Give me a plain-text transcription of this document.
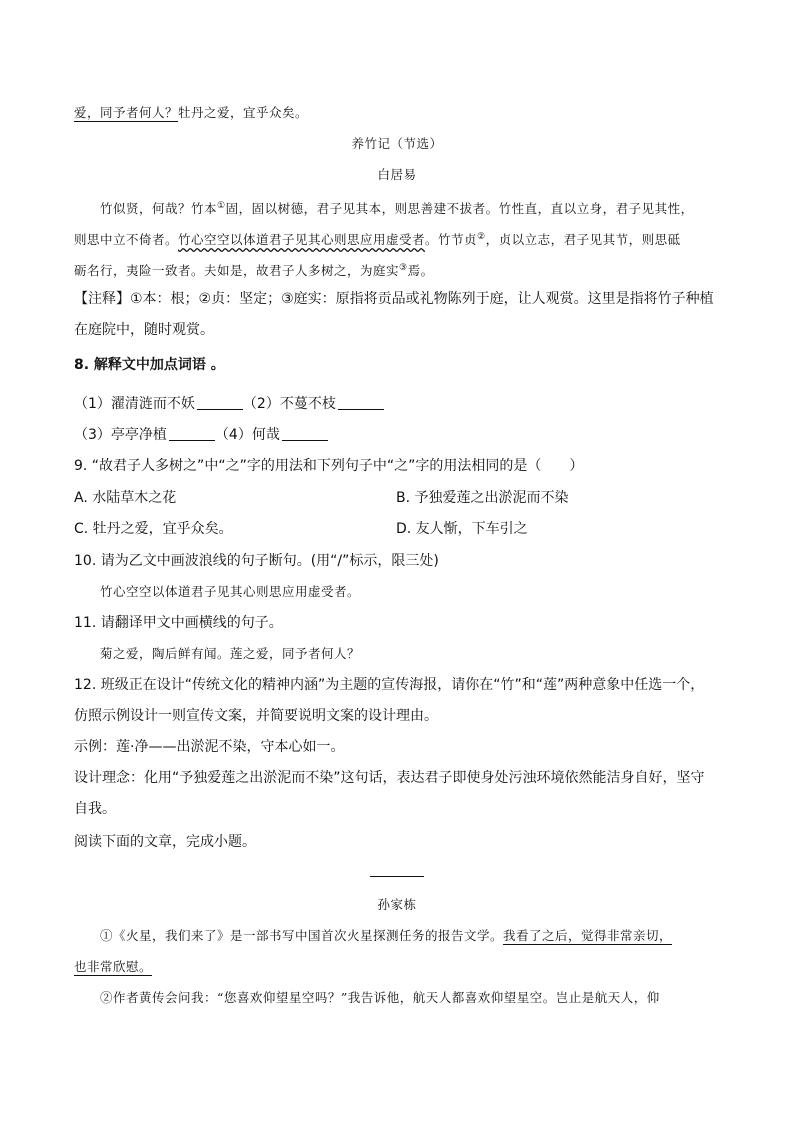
爱，同予者何人？牡丹之爱，宜乎众矣。
养竹记（节选）
白居易
竹似贤，何哉？竹本①固，固以树德，君子见其本，则思善建不拔者。竹性直，直以立身，君子见其性，
则思中立不倚者。竹心空空以体道君子见其心则思应用虚受者。竹节贞②，贞以立志，君子见其节，则思砥
砺名行，夷险一致者。夫如是，故君子人多树之，为庭实③焉。
【注释】①本：根；②贞：坚定；③庭实：原指将贡品或礼物陈列于庭，让人观赏。这里是指将竹子种植
在庭院中，随时观赏。
8. 解释文中加点词语 。
（1）濯清涟而不妖	（2）不蔓不枝
（3）亭亭净植	（4）何哉
9. “故君子人多树之”中“之”字的用法和下列句子中“之”字的用法相同的是（　　）
A. 水陆草木之花	B. 予独爱莲之出淤泥而不染
C. 牡丹之爱，宜乎众矣。	D. 友人惭，下车引之
10. 请为乙文中画波浪线的句子断句。(用“/”标示，限三处)
竹心空空以体道君子见其心则思应用虚受者。
11. 请翻译甲文中画横线的句子。
菊之爱，陶后鲜有闻。莲之爱，同予者何人？
12. 班级正在设计“传统文化的精神内涵”为主题的宣传海报，请你在“竹”和“莲”两种意象中任选一个，
仿照示例设计一则宣传文案，并简要说明文案的设计理由。
示例：莲·净——出淤泥不染，守本心如一。
设计理念：化用“予独爱莲之出淤泥而不染”这句话，表达君子即使身处污浊环境依然能洁身自好，坚守
自我。
阅读下面的文章，完成小题。
孙家栋
①《火星，我们来了》是一部书写中国首次火星探测任务的报告文学。我看了之后，觉得非常亲切，
也非常欣慰。
②作者黄传会问我：“您喜欢仰望星空吗？”我告诉他，航天人都喜欢仰望星空。岂止是航天人，仰
